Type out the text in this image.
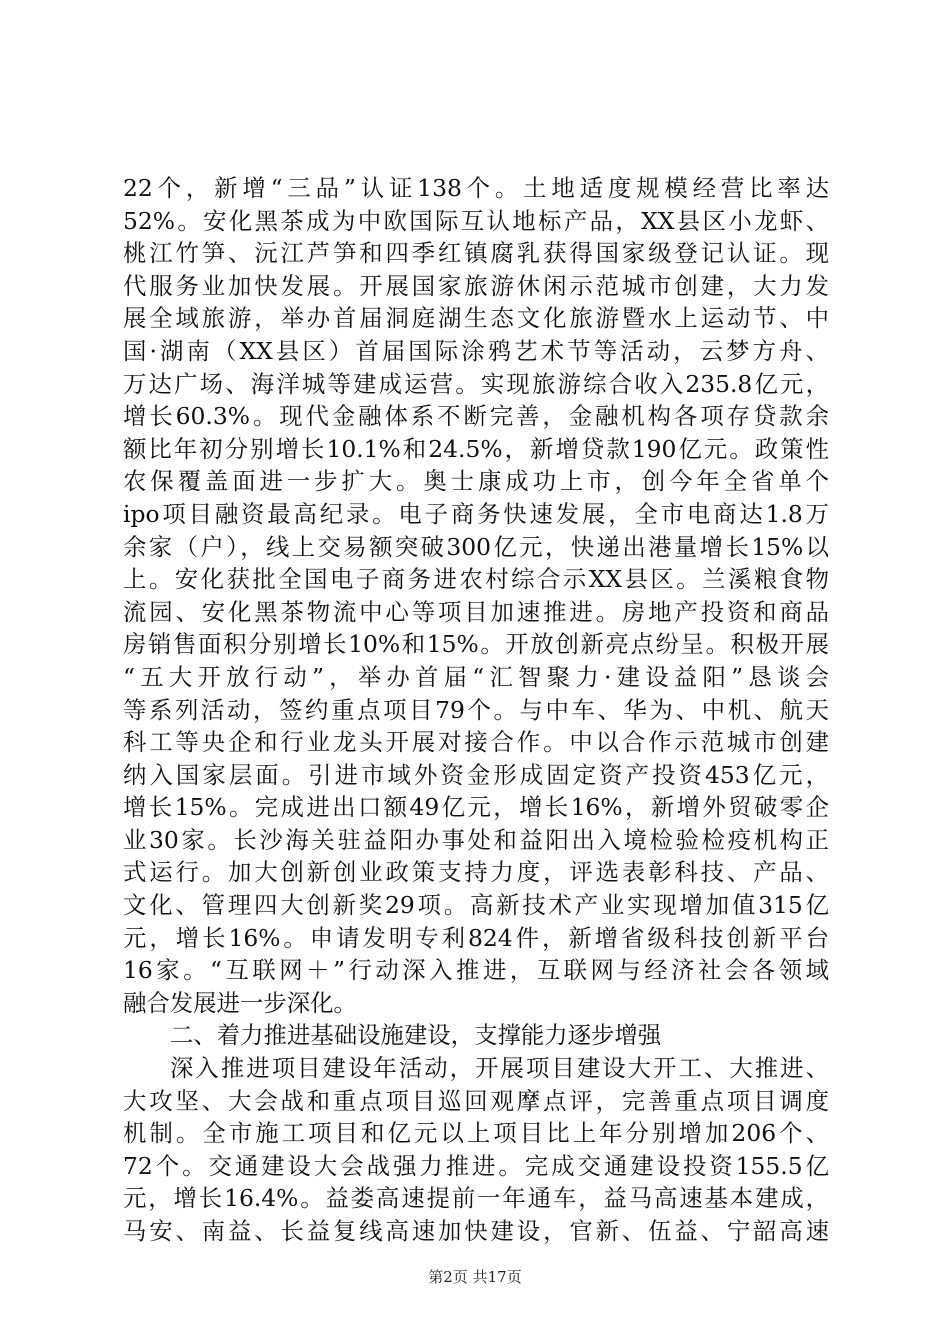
22个，新增“三品”认证138个。土地适度规模经营比率达
52%。安化黑茶成为中欧国际互认地标产品，XX县区小龙虾、
桃江竹笋、沅江芦笋和四季红镇腐乳获得国家级登记认证。现
代服务业加快发展。开展国家旅游休闲示范城市创建，大力发
展全域旅游，举办首届洞庭湖生态文化旅游暨水上运动节、中
国·湖南（XX县区）首届国际涂鸦艺术节等活动，云梦方舟、
万达广场、海洋城等建成运营。实现旅游综合收入235.8亿元，
增长60.3%。现代金融体系不断完善，金融机构各项存贷款余
额比年初分别增长10.1%和24.5%，新增贷款190亿元。政策性
农保覆盖面进一步扩大。奥士康成功上市，创今年全省单个
ipo项目融资最高纪录。电子商务快速发展，全市电商达1.8万
余家（户），线上交易额突破300亿元，快递出港量增长15%以
上。安化获批全国电子商务进农村综合示XX县区。兰溪粮食物
流园、安化黑茶物流中心等项目加速推进。房地产投资和商品
房销售面积分别增长10%和15%。开放创新亮点纷呈。积极开展
“五大开放行动”，举办首届“汇智聚力·建设益阳”恳谈会
等系列活动，签约重点项目79个。与中车、华为、中机、航天
科工等央企和行业龙头开展对接合作。中以合作示范城市创建
纳入国家层面。引进市域外资金形成固定资产投资453亿元，
增长15%。完成进出口额49亿元，增长16%，新增外贸破零企
业30家。长沙海关驻益阳办事处和益阳出入境检验检疫机构正
式运行。加大创新创业政策支持力度，评选表彰科技、产品、
文化、管理四大创新奖29项。高新技术产业实现增加值315亿
元，增长16%。申请发明专利824件，新增省级科技创新平台
16家。“互联网＋”行动深入推进，互联网与经济社会各领域
融合发展进一步深化。
二、着力推进基础设施建设，支撑能力逐步增强
深入推进项目建设年活动，开展项目建设大开工、大推进、
大攻坚、大会战和重点项目巡回观摩点评，完善重点项目调度
机制。全市施工项目和亿元以上项目比上年分别增加206个、
72个。交通建设大会战强力推进。完成交通建设投资155.5亿
元，增长16.4%。益娄高速提前一年通车，益马高速基本建成，
马安、南益、长益复线高速加快建设，官新、伍益、宁韶高速
第2页 共17页
